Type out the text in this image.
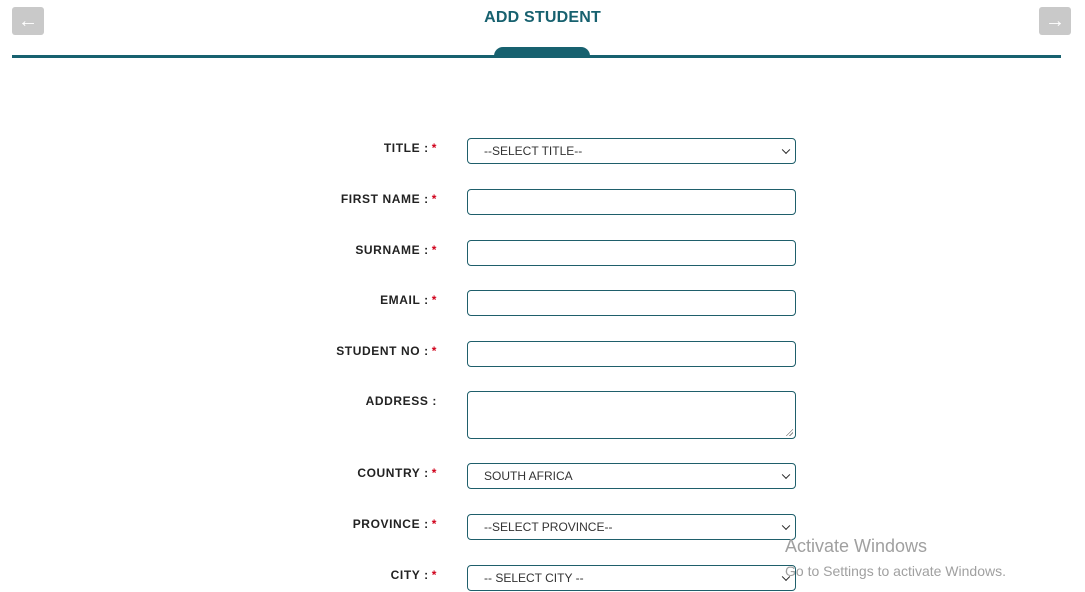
←	→
ADD STUDENT
TITLE : *	--SELECT TITLE--
FIRST NAME : *
SURNAME : *
EMAIL : *
STUDENT NO : *
ADDRESS :
COUNTRY : *	SOUTH AFRICA
PROVINCE : *	--SELECT PROVINCE--
CITY : *	-- SELECT CITY --
Activate Windows
Go to Settings to activate Windows.
